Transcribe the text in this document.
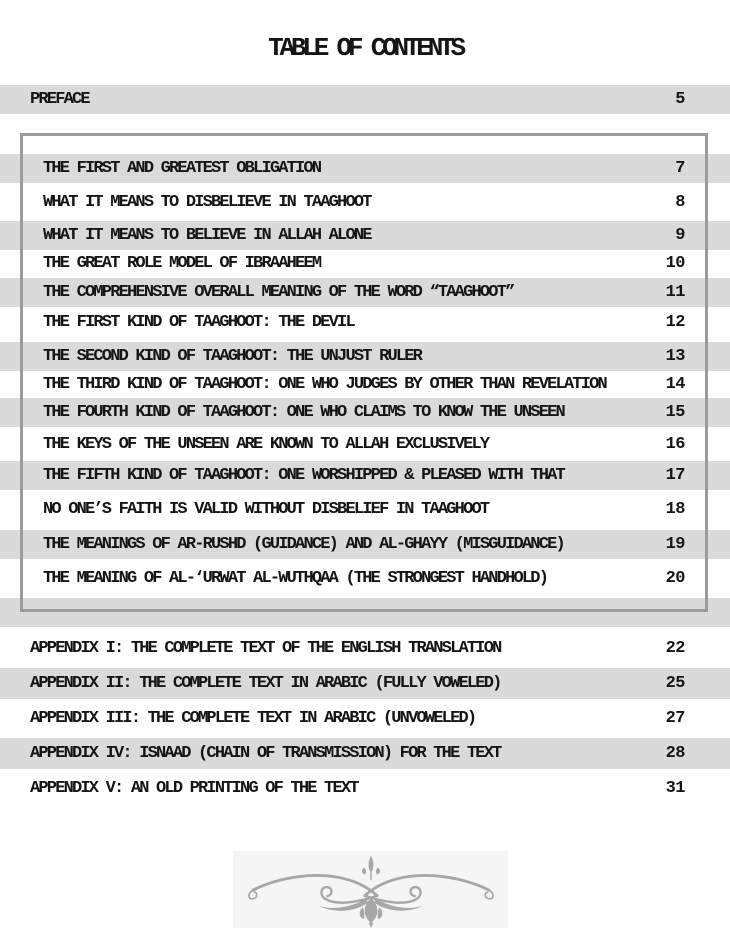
TABLE OF CONTENTS
PREFACE	5
THE FIRST AND GREATEST OBLIGATION	7
WHAT IT MEANS TO DISBELIEVE IN TAAGHOOT	8
WHAT IT MEANS TO BELIEVE IN ALLAH ALONE	9
THE GREAT ROLE MODEL OF IBRAAHEEM	10
THE COMPREHENSIVE OVERALL MEANING OF THE WORD “TAAGHOOT”	11
THE FIRST KIND OF TAAGHOOT: THE DEVIL	12
THE SECOND KIND OF TAAGHOOT: THE UNJUST RULER	13
THE THIRD KIND OF TAAGHOOT: ONE WHO JUDGES BY OTHER THAN REVELATION	14
THE FOURTH KIND OF TAAGHOOT: ONE WHO CLAIMS TO KNOW THE UNSEEN	15
THE KEYS OF THE UNSEEN ARE KNOWN TO ALLAH EXCLUSIVELY	16
THE FIFTH KIND OF TAAGHOOT: ONE WORSHIPPED & PLEASED WITH THAT	17
NO ONE’S FAITH IS VALID WITHOUT DISBELIEF IN TAAGHOOT	18
THE MEANINGS OF AR-RUSHD (GUIDANCE) AND AL-GHAYY (MISGUIDANCE)	19
THE MEANING OF AL-‘URWAT AL-WUTHQAA (THE STRONGEST HANDHOLD)	20
APPENDIX I: THE COMPLETE TEXT OF THE ENGLISH TRANSLATION	22
APPENDIX II: THE COMPLETE TEXT IN ARABIC (FULLY VOWELED)	25
APPENDIX III: THE COMPLETE TEXT IN ARABIC (UNVOWELED)	27
APPENDIX IV: ISNAAD (CHAIN OF TRANSMISSION) FOR THE TEXT	28
APPENDIX V: AN OLD PRINTING OF THE TEXT	31
